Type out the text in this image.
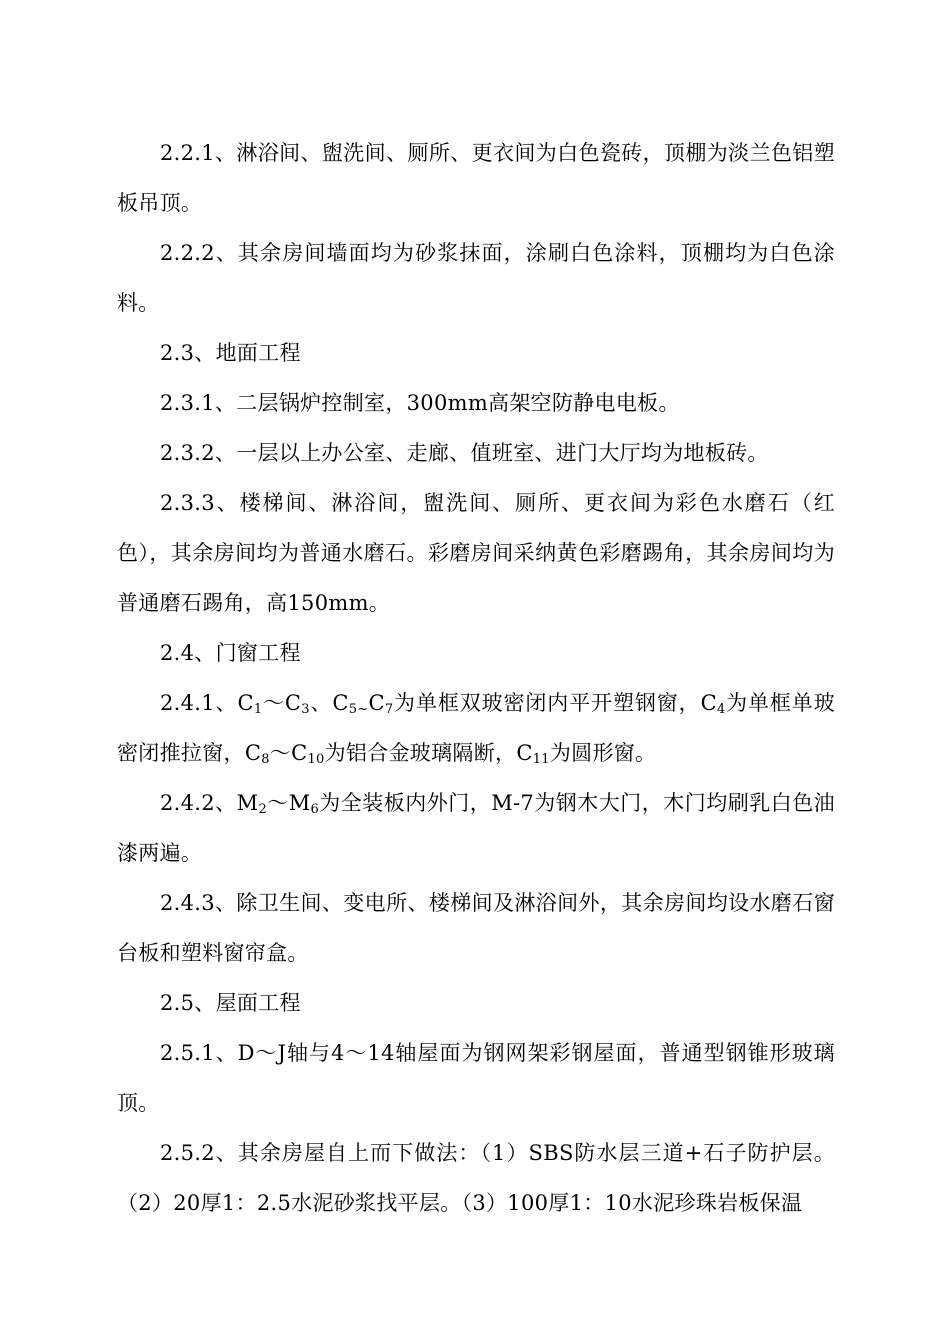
2.2.1、淋浴间、盥洗间、厕所、更衣间为白色瓷砖，顶棚为淡兰色铝塑板吊顶。

2.2.2、其余房间墙面均为砂浆抹面，涂刷白色涂料，顶棚均为白色涂料。

2.3、地面工程

2.3.1、二层锅炉控制室，300mm高架空防静电电板。

2.3.2、一层以上办公室、走廊、值班室、进门大厅均为地板砖。

2.3.3、楼梯间、淋浴间，盥洗间、厕所、更衣间为彩色水磨石（红色），其余房间均为普通水磨石。彩磨房间采纳黄色彩磨踢角，其余房间均为普通磨石踢角，高150mm。

2.4、门窗工程

2.4.1、$C_1\sim C_3$、$C_{5\sim}C_7$为单框双玻密闭内平开塑钢窗，$C_4$为单框单玻密闭推拉窗，$C_8\sim C_{10}$为铝合金玻璃隔断，$C_{11}$为圆形窗。

2.4.2、$M_2\sim M_6$为全装板内外门，M-7为钢木大门，木门均刷乳白色油漆两遍。

2.4.3、除卫生间、变电所、楼梯间及淋浴间外，其余房间均设水磨石窗台板和塑料窗帘盒。

2.5、屋面工程

2.5.1、D～J轴与4～14轴屋面为钢网架彩钢屋面，普通型钢锥形玻璃顶。

2.5.2、其余房屋自上而下做法：（1）SBS防水层三道+石子防护层。（2）20厚1：2.5水泥砂浆找平层。（3）100厚1：10水泥珍珠岩板保温
